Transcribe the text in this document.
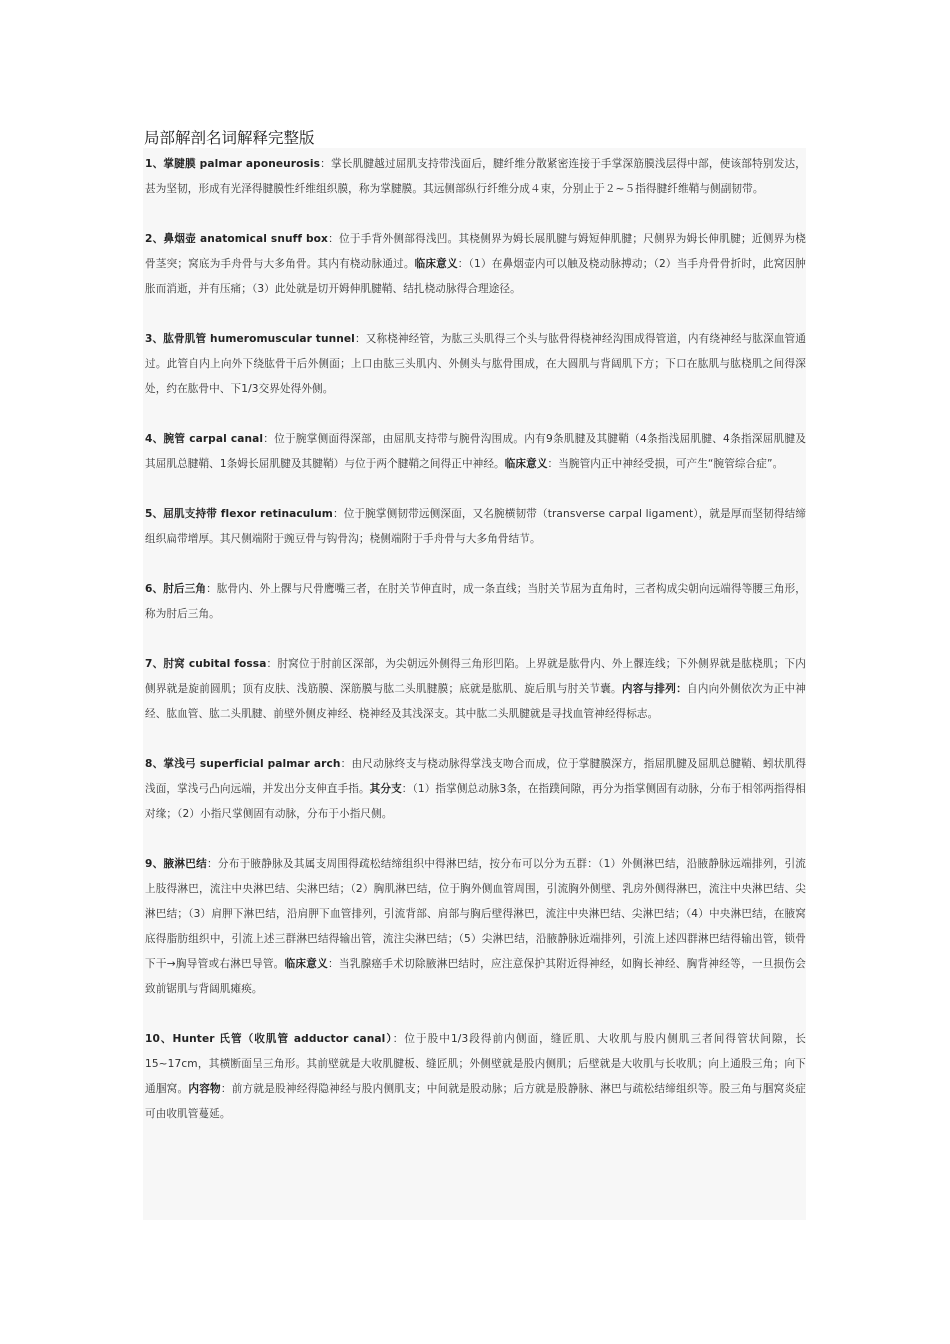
局部解剖名词解释完整版

1、掌腱膜 palmar aponeurosis：掌长肌腱越过屈肌支持带浅面后，腱纤维分散紧密连接于手掌深筋膜浅层得中部，使该部特别发达，甚为坚韧，形成有光泽得腱膜性纤维组织膜，称为掌腱膜。其远侧部纵行纤维分成４束，分别止于２~５指得腱纤维鞘与侧副韧带。

2、鼻烟壶 anatomical snuff box：位于手背外侧部得浅凹。其桡侧界为姆长展肌腱与姆短伸肌腱；尺侧界为姆长伸肌腱；近侧界为桡骨茎突；窝底为手舟骨与大多角骨。其内有桡动脉通过。临床意义：（1）在鼻烟壶内可以触及桡动脉搏动；（2）当手舟骨骨折时，此窝因肿胀而消逝，并有压痛；（3）此处就是切开姆伸肌腱鞘、结扎桡动脉得合理途径。

3、肱骨肌管 humeromuscular tunnel：又称桡神经管，为肱三头肌得三个头与肱骨得桡神经沟围成得管道，内有绕神经与肱深血管通过。此管自内上向外下绕肱骨干后外侧面；上口由肱三头肌内、外侧头与肱骨围成，在大圆肌与背阔肌下方；下口在肱肌与肱桡肌之间得深处，约在肱骨中、下1/3交界处得外侧。

4、腕管 carpal canal：位于腕掌侧面得深部，由屈肌支持带与腕骨沟围成。内有9条肌腱及其腱鞘（4条指浅屈肌腱、4条指深屈肌腱及其屈肌总腱鞘、1条姆长屈肌腱及其腱鞘）与位于两个腱鞘之间得正中神经。临床意义：当腕管内正中神经受损，可产生“腕管综合症”。

5、屈肌支持带 flexor retinaculum：位于腕掌侧韧带远侧深面，又名腕横韧带（transverse carpal ligament），就是厚而坚韧得结缔组织扁带增厚。其尺侧端附于豌豆骨与钩骨沟；桡侧端附于手舟骨与大多角骨结节。

6、肘后三角：肱骨内、外上髁与尺骨鹰嘴三者，在肘关节伸直时，成一条直线；当肘关节屈为直角时，三者构成尖朝向远端得等腰三角形，称为肘后三角。

7、肘窝 cubital fossa：肘窝位于肘前区深部，为尖朝远外侧得三角形凹陷。上界就是肱骨内、外上髁连线；下外侧界就是肱桡肌；下内侧界就是旋前圆肌；顶有皮肤、浅筋膜、深筋膜与肱二头肌腱膜；底就是肱肌、旋后肌与肘关节囊。内容与排列：自内向外侧依次为正中神经、肱血管、肱二头肌腱、前壁外侧皮神经、桡神经及其浅深支。其中肱二头肌腱就是寻找血管神经得标志。

8、掌浅弓 superficial palmar arch：由尺动脉终支与桡动脉得掌浅支吻合而成，位于掌腱膜深方，指屈肌腱及屈肌总腱鞘、蚓状肌得浅面，掌浅弓凸向远端，并发出分支伸直手指。其分支：（1）指掌侧总动脉3条，在指蹼间隙，再分为指掌侧固有动脉，分布于相邻两指得相对缘；（2）小指尺掌侧固有动脉，分布于小指尺侧。

9、腋淋巴结：分布于腋静脉及其属支周围得疏松结缔组织中得淋巴结，按分布可以分为五群：（1）外侧淋巴结，沿腋静脉远端排列，引流上肢得淋巴，流注中央淋巴结、尖淋巴结；（2）胸肌淋巴结，位于胸外侧血管周围，引流胸外侧壁、乳房外侧得淋巴，流注中央淋巴结、尖淋巴结；（3）肩胛下淋巴结，沿肩胛下血管排列，引流背部、肩部与胸后壁得淋巴，流注中央淋巴结、尖淋巴结；（4）中央淋巴结，在腋窝底得脂肪组织中，引流上述三群淋巴结得输出管，流注尖淋巴结；（5）尖淋巴结，沿腋静脉近端排列，引流上述四群淋巴结得输出管，锁骨下干→胸导管或右淋巴导管。临床意义：当乳腺癌手术切除腋淋巴结时，应注意保护其附近得神经，如胸长神经、胸背神经等，一旦损伤会致前锯肌与背阔肌瘫痪。

10、Hunter 氏管（收肌管 adductor canal）：位于股中1/3段得前内侧面，缝匠肌、大收肌与股内侧肌三者间得管状间隙，长15~17cm，其横断面呈三角形。其前壁就是大收肌腱板、缝匠肌；外侧壁就是股内侧肌；后壁就是大收肌与长收肌；向上通股三角；向下通腘窝。内容物：前方就是股神经得隐神经与股内侧肌支；中间就是股动脉；后方就是股静脉、淋巴与疏松结缔组织等。股三角与腘窝炎症可由收肌管蔓延。
